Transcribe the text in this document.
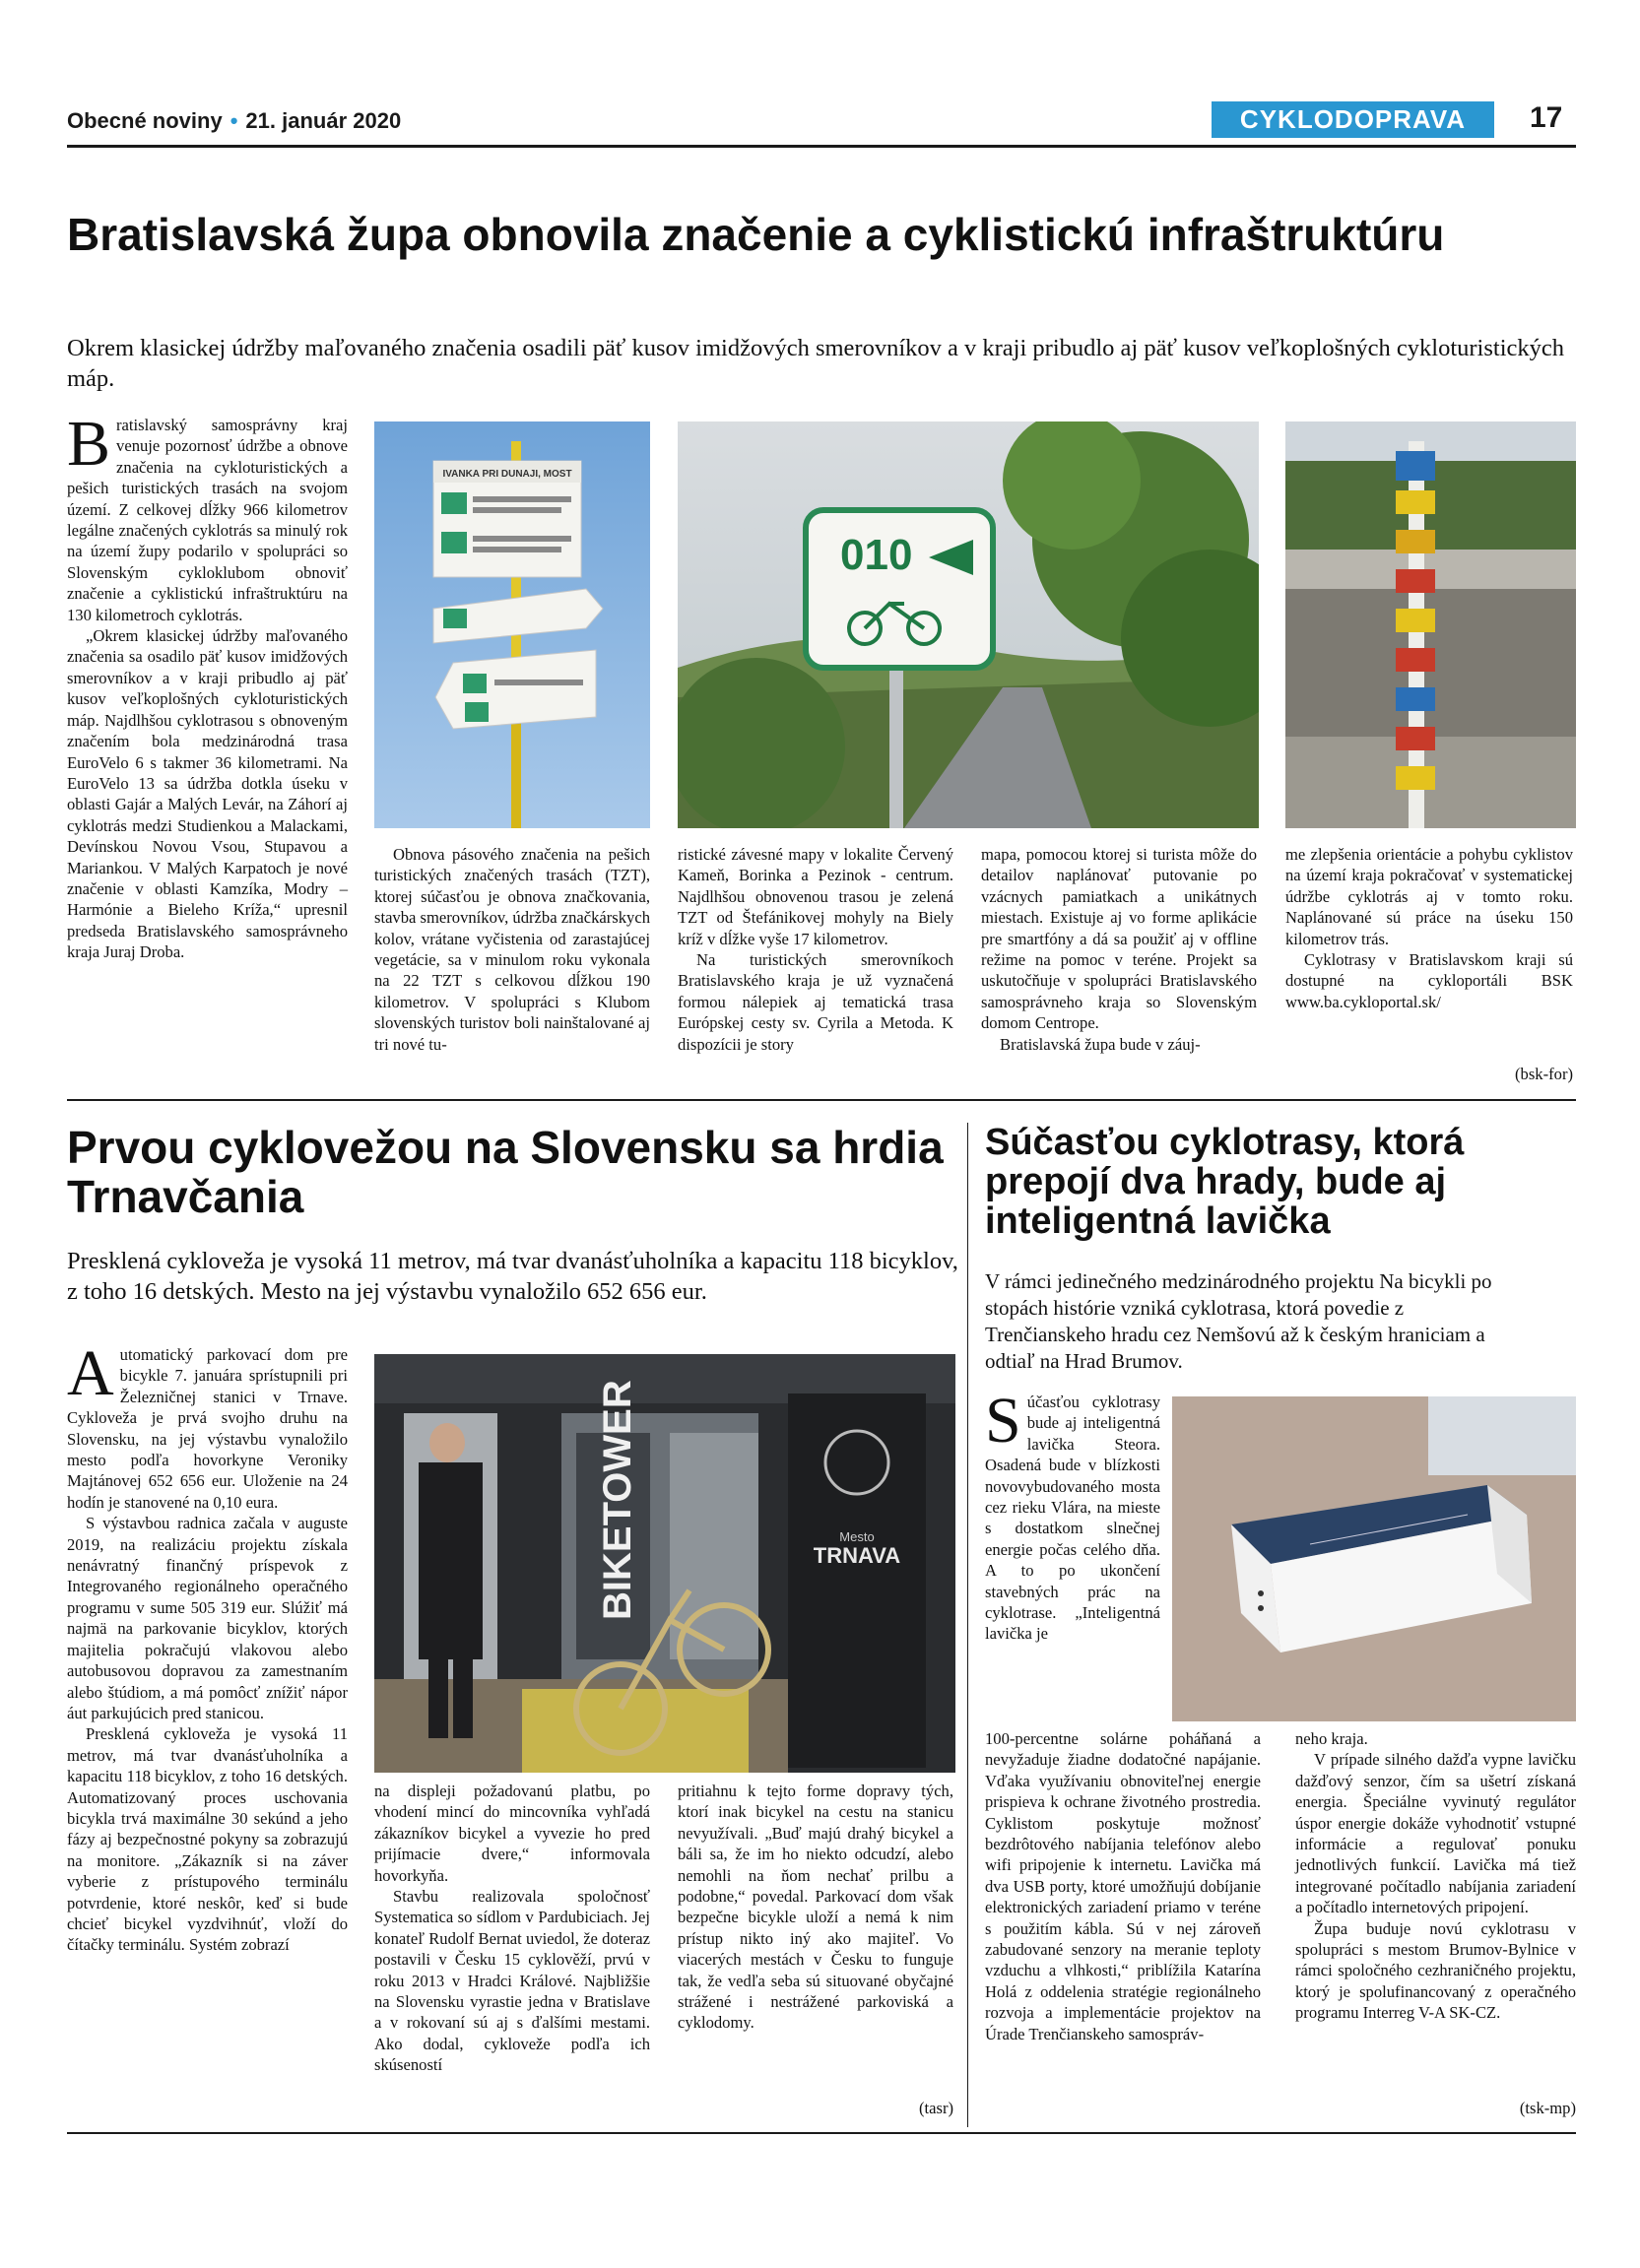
Obecné noviny • 21. január 2020	CYKLODOPRAVA	17
Bratislavská župa obnovila značenie a cyklistickú infraštruktúru
Okrem klasickej údržby maľovaného značenia osadili päť kusov imidžových smerovníkov a v kraji pribudlo aj päť kusov veľkoplošných cykloturistických máp.

Bratislavský samosprávny kraj venuje pozornosť údržbe a obnove značenia na cykloturistických a pešich turistických trasách na svojom území. Z celkovej dĺžky 966 kilometrov legálne značených cyklotrás sa minulý rok na území župy podarilo v spolupráci so Slovenským cykloklubom obnoviť značenie a cyklistickú infraštruktúru na 130 kilometroch cyklotrás.

„Okrem klasickej údržby maľovaného značenia sa osadilo päť kusov imidžových smerovníkov a v kraji pribudlo aj päť kusov veľkoplošných cykloturistických máp. Najdlhšou cyklotrasou s obnoveným značením bola medzinárodná trasa EuroVelo 6 s takmer 36 kilometrami. Na EuroVelo 13 sa údržba dotkla úseku v oblasti Gajár a Malých Levár, na Záhorí aj cyklotrás medzi Studienkou a Malackami, Devínskou Novou Vsou, Stupavou a Mariankou. V Malých Karpatoch je nové značenie v oblasti Kamzíka, Modry – Harmónie a Bieleho Kríža,“ upresnil predseda Bratislavského samosprávneho kraja Juraj Droba.

IVANKA PRI DUNAJI, MOST
010

Obnova pásového značenia na pešich turistických značených trasách (TZT), ktorej súčasťou je obnova značkovania, stavba smerovníkov, údržba značkárskych kolov, vrátane vyčistenia od zarastajúcej vegetácie, sa v minulom roku vykonala na 22 TZT s celkovou dĺžkou 190 kilometrov. V spolupráci s Klubom slovenských turistov boli nainštalované aj tri nové tu-

ristické závesné mapy v lokalite Červený Kameň, Borinka a Pezinok - centrum. Najdlhšou obnovenou trasou je zelená TZT od Štefánikovej mohyly na Biely kríž v dĺžke vyše 17 kilometrov.

Na turistických smerovníkoch Bratislavského kraja je už vyznačená formou nálepiek aj tematická trasa Európskej cesty sv. Cyrila a Metoda. K dispozícii je story

mapa, pomocou ktorej si turista môže do detailov naplánovať putovanie po vzácnych pamiatkach a unikátnych miestach. Existuje aj vo forme aplikácie pre smartfóny a dá sa použiť aj v offline režime na pomoc v teréne. Projekt sa uskutočňuje v spolupráci Bratislavského samosprávneho kraja so Slovenským domom Centrope.

Bratislavská župa bude v záuj-

me zlepšenia orientácie a pohybu cyklistov na území kraja pokračovať v systematickej údržbe cyklotrás aj v tomto roku. Naplánované sú práce na úseku 150 kilometrov trás.

Cyklotrasy v Bratislavskom kraji sú dostupné na cykloportáli BSK www.ba.cykloportal.sk/

(bsk-for)
Prvou cyklovežou na Slovensku sa hrdia Trnavčania
Presklená cykloveža je vysoká 11 metrov, má tvar dvanásťuholníka a kapacitu 118 bicyklov, z toho 16 detských. Mesto na jej výstavbu vynaložilo 652 656 eur.

Automatický parkovací dom pre bicykle 7. januára sprístupnili pri Železničnej stanici v Trnave. Cykloveža je prvá svojho druhu na Slovensku, na jej výstavbu vynaložilo mesto podľa hovorkyne Veroniky Majtánovej 652 656 eur. Uloženie na 24 hodín je stanovené na 0,10 eura.

S výstavbou radnica začala v auguste 2019, na realizáciu projektu získala nenávratný finančný príspevok z Integrovaného regionálneho operačného programu v sume 505 319 eur. Slúžiť má najmä na parkovanie bicyklov, ktorých majitelia pokračujú vlakovou alebo autobusovou dopravou za zamestnaním alebo štúdiom, a má pomôcť znížiť nápor áut parkujúcich pred stanicou.

Presklená cykloveža je vysoká 11 metrov, má tvar dvanásťuholníka a kapacitu 118 bicyklov, z toho 16 detských. Automatizovaný proces uschovania bicykla trvá maximálne 30 sekúnd a jeho fázy aj bezpečnostné pokyny sa zobrazujú na monitore. „Zákazník si na záver vyberie z prístupového terminálu potvrdenie, ktoré neskôr, keď si bude chcieť bicykel vyzdvihnúť, vloží do čítačky terminálu. Systém zobrazí

BIKETOWER	Mesto
TRNAVA

na displeji požadovanú platbu, po vhodení mincí do mincovníka vyhľadá zákazníkov bicykel a vyvezie ho pred prijímacie dvere,“ informovala hovorkyňa.

Stavbu realizovala spoločnosť Systematica so sídlom v Pardubiciach. Jej konateľ Rudolf Bernat uviedol, že doteraz postavili v Česku 15 cyklověží, prvú v roku 2013 v Hradci Králové. Najbližšie na Slovensku vyrastie jedna v Bratislave a v rokovaní sú aj s ďalšími mestami. Ako dodal, cykloveže podľa ich skúseností

pritiahnu k tejto forme dopravy tých, ktorí inak bicykel na cestu na stanicu nevyužívali. „Buď majú drahý bicykel a báli sa, že im ho niekto odcudzí, alebo nemohli na ňom nechať prilbu a podobne,“ povedal. Parkovací dom však bezpečne bicykle uloží a nemá k nim prístup nikto iný ako majiteľ. Vo viacerých mestách v Česku to funguje tak, že vedľa seba sú situované obyčajné strážené i nestrážené parkoviská a cyklodomy.

(tasr)
Súčasťou cyklotrasy, ktorá prepojí dva hrady, bude aj inteligentná lavička
V rámci jedinečného medzinárodného projektu Na bicykli po stopách histórie vzniká cyklotrasa, ktorá povedie z Trenčianskeho hradu cez Nemšovú až k českým hraniciam a odtiaľ na Hrad Brumov.

Súčasťou cyklotrasy bude aj inteligentná lavička Steora. Osadená bude v blízkosti novovybudovaného mosta cez rieku Vlára, na mieste s dostatkom slnečnej energie počas celého dňa. A to po ukončení stavebných prác na cyklotrase. „Inteligentná lavička je

100-percentne solárne poháňaná a nevyžaduje žiadne dodatočné napájanie. Vďaka využívaniu obnoviteľnej energie prispieva k ochrane životného prostredia. Cyklistom poskytuje možnosť bezdrôtového nabíjania telefónov alebo wifi pripojenie k internetu. Lavička má dva USB porty, ktoré umožňujú dobíjanie elektronických zariadení priamo v teréne s použitím kábla. Sú v nej zároveň zabudované senzory na meranie teploty vzduchu a vlhkosti,“ priblížila Katarína Holá z oddelenia stratégie regionálneho rozvoja a implementácie projektov na Úrade Trenčianskeho samospráv-

neho kraja.

V prípade silného dažďa vypne lavičku dažďový senzor, čím sa ušetrí získaná energia. Špeciálne vyvinutý regulátor úspor energie dokáže vyhodnotiť vstupné informácie a regulovať ponuku jednotlivých funkcií. Lavička má tiež integrované počítadlo nabíjania zariadení a počítadlo internetových pripojení.

Župa buduje novú cyklotrasu v spolupráci s mestom Brumov-Bylnice v rámci spoločného cezhraničného projektu, ktorý je spolufinancovaný z operačného programu Interreg V-A SK-CZ.

(tsk-mp)
